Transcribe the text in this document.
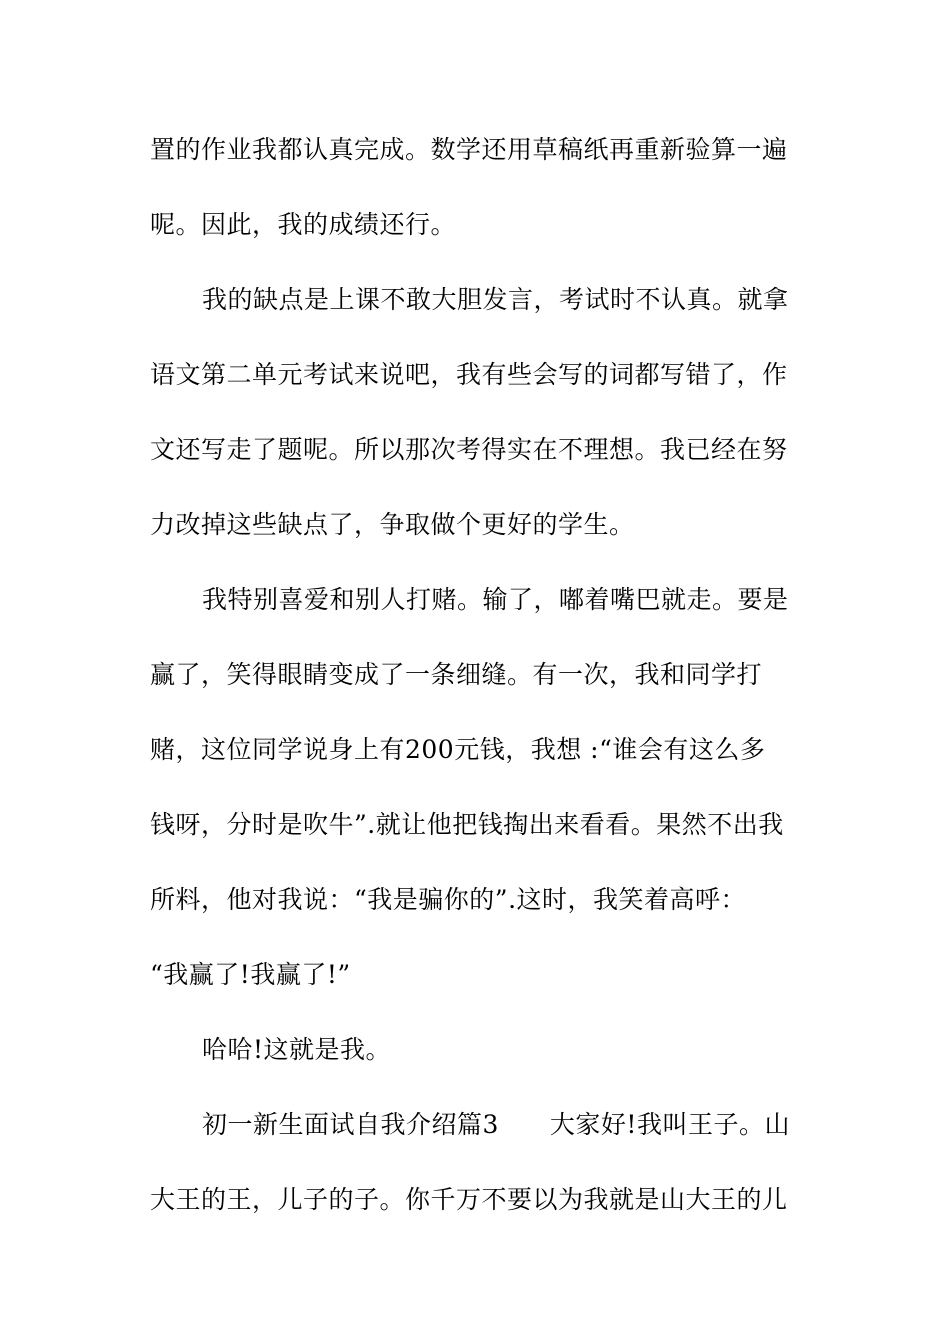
置的作业我都认真完成。数学还用草稿纸再重新验算一遍
呢。因此，我的成绩还行。
我的缺点是上课不敢大胆发言，考试时不认真。就拿
语文第二单元考试来说吧，我有些会写的词都写错了，作
文还写走了题呢。所以那次考得实在不理想。我已经在努
力改掉这些缺点了，争取做个更好的学生。
我特别喜爱和别人打赌。输了，嘟着嘴巴就走。要是
赢了，笑得眼睛变成了一条细缝。有一次，我和同学打
赌，这位同学说身上有200元钱，我想 :“谁会有这么多
钱呀，分时是吹牛”.就让他把钱掏出来看看。果然不出我
所料，他对我说：“我是骗你的”.这时，我笑着高呼：
“我赢了!我赢了!”
哈哈!这就是我。
初一新生面试自我介绍篇3　　大家好!我叫王子。山
大王的王，儿子的子。你千万不要以为我就是山大王的儿
